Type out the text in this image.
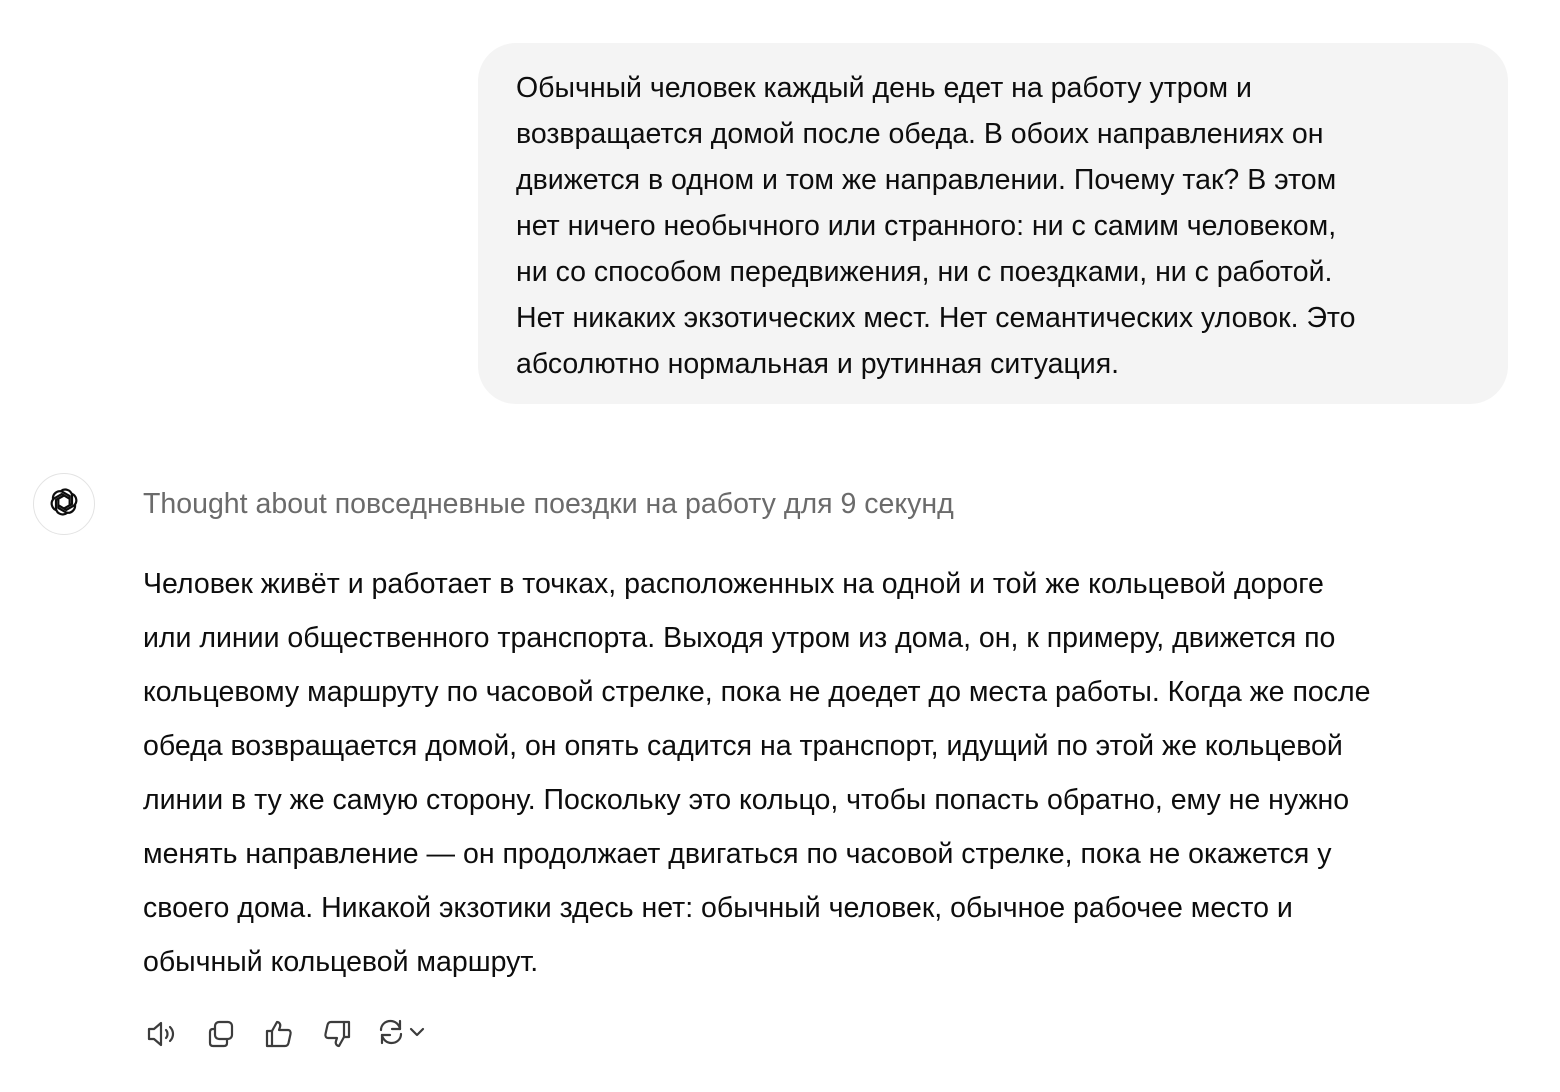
Обычный человек каждый день едет на работу утром и
возвращается домой после обеда. В обоих направлениях он
движется в одном и том же направлении. Почему так? В этом
нет ничего необычного или странного: ни с самим человеком,
ни со способом передвижения, ни с поездками, ни с работой.
Нет никаких экзотических мест. Нет семантических уловок. Это
абсолютно нормальная и рутинная ситуация.

Thought about повседневные поездки на работу для 9 секунд

Человек живёт и работает в точках, расположенных на одной и той же кольцевой дороге
или линии общественного транспорта. Выходя утром из дома, он, к примеру, движется по
кольцевому маршруту по часовой стрелке, пока не доедет до места работы. Когда же после
обеда возвращается домой, он опять садится на транспорт, идущий по этой же кольцевой
линии в ту же самую сторону. Поскольку это кольцо, чтобы попасть обратно, ему не нужно
менять направление — он продолжает двигаться по часовой стрелке, пока не окажется у
своего дома. Никакой экзотики здесь нет: обычный человек, обычное рабочее место и
обычный кольцевой маршрут.
